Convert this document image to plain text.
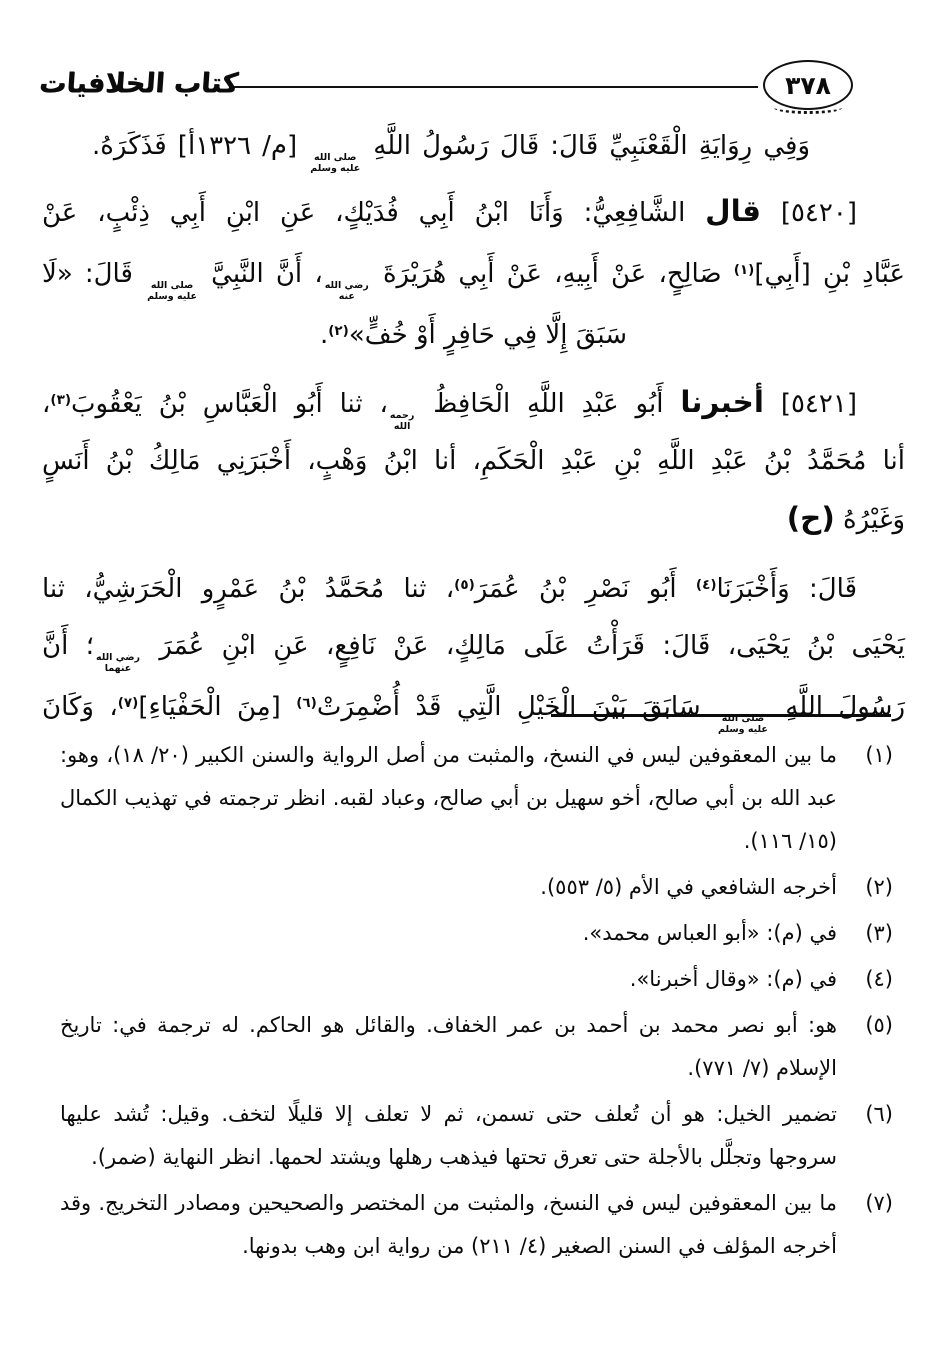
٣٧٨
كتاب الخلافيات
وَفِي رِوَايَةِ الْقَعْنَبِيِّ قَالَ: قَالَ رَسُولُ اللَّهِ
صلى الله
عليه وسلم
[م/ ١٣٢٦أ] فَذَكَرَهُ.
[٥٤٢٠] قال الشَّافِعِيُّ: وَأَنَا ابْنُ أَبِي فُدَيْكٍ، عَنِ ابْنِ أَبِي ذِئْبٍ، عَنْ
عَبَّادِ بْنِ [أَبِي]$^{(١)}$ صَالِحٍ، عَنْ أَبِيهِ، عَنْ أَبِي هُرَيْرَةَ
رضي الله
عنه
، أَنَّ النَّبِيَّ
صلى الله
عليه وسلم
قَالَ: «لَا
سَبَقَ إِلَّا فِي حَافِرٍ أَوْ خُفٍّ»$^{(٢)}$.
[٥٤٢١] أخبرنا أَبُو عَبْدِ اللَّهِ الْحَافِظُ
رحمه
الله
، ثنا أَبُو الْعَبَّاسِ بْنُ يَعْقُوبَ$^{(٣)}$،
أنا مُحَمَّدُ بْنُ عَبْدِ اللَّهِ بْنِ عَبْدِ الْحَكَمِ، أنا ابْنُ وَهْبٍ، أَخْبَرَنِي مَالِكُ بْنُ أَنَسٍ
وَغَيْرُهُ (ح)
قَالَ: وَأَخْبَرَنَا$^{(٤)}$ أَبُو نَصْرِ بْنُ عُمَرَ$^{(٥)}$، ثنا مُحَمَّدُ بْنُ عَمْرٍو الْحَرَشِيُّ، ثنا
يَحْيَى بْنُ يَحْيَى، قَالَ: قَرَأْتُ عَلَى مَالِكٍ، عَنْ نَافِعٍ، عَنِ ابْنِ عُمَرَ
رضي الله
عنهما
؛ أَنَّ
رَسُولَ اللَّهِ
صلى الله
عليه وسلم
سَابَقَ بَيْنَ الْخَيْلِ الَّتِي قَدْ أُضْمِرَتْ$^{(٦)}$ [مِنَ الْحَفْيَاءِ]$^{(٧)}$، وَكَانَ
(١)
ما بين المعقوفين ليس في النسخ، والمثبت من أصل الرواية والسنن الكبير (٢٠/ ١٨)، وهو: عبد الله بن أبي صالح، أخو سهيل بن أبي صالح، وعباد لقبه. انظر ترجمته في تهذيب الكمال (١٥/ ١١٦).
(٢)
أخرجه الشافعي في الأم (٥/ ٥٥٣).
(٣)
في (م): «أبو العباس محمد».
(٤)
في (م): «وقال أخبرنا».
(٥)
هو: أبو نصر محمد بن أحمد بن عمر الخفاف. والقائل هو الحاكم. له ترجمة في: تاريخ الإسلام (٧/ ٧٧١).
(٦)
تضمير الخيل: هو أن تُعلف حتى تسمن، ثم لا تعلف إلا قليلًا لتخف. وقيل: تُشد عليها سروجها وتجلَّل بالأجلة حتى تعرق تحتها فيذهب رهلها ويشتد لحمها. انظر النهاية (ضمر).
(٧)
ما بين المعقوفين ليس في النسخ، والمثبت من المختصر والصحيحين ومصادر التخريج. وقد أخرجه المؤلف في السنن الصغير (٤/ ٢١١) من رواية ابن وهب بدونها.
